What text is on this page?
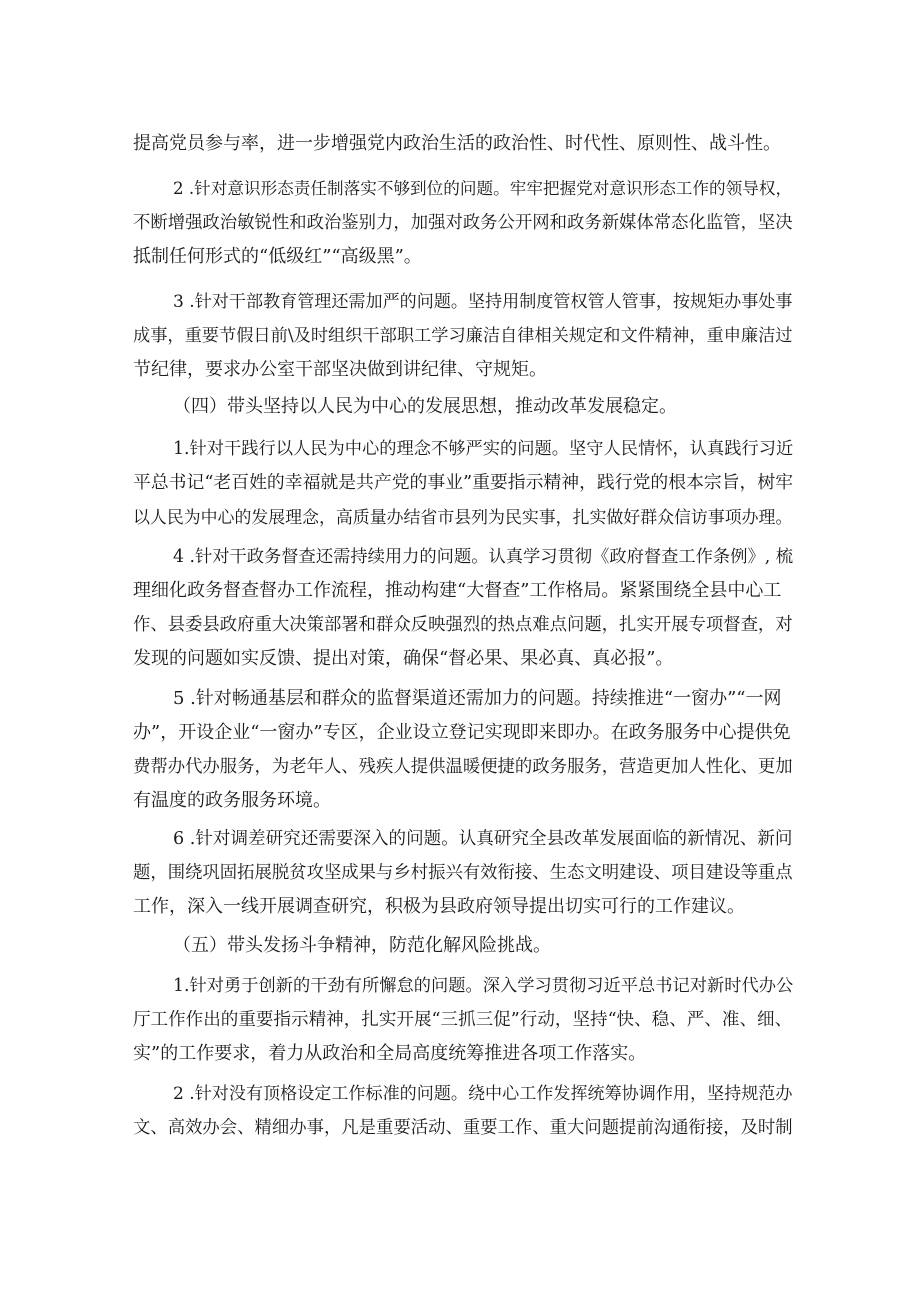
提高党员参与率，进一步增强党内政治生活的政治性、时代性、原则性、战斗性。
2 .针对意识形态责任制落实不够到位的问题。牢牢把握党对意识形态工作的领导权，
不断增强政治敏锐性和政治鉴别力，加强对政务公开网和政务新媒体常态化监管，坚决
抵制任何形式的“低级红”“高级黑”。
3 .针对干部教育管理还需加严的问题。坚持用制度管权管人管事，按规矩办事处事
成事，重要节假日前\及时组织干部职工学习廉洁自律相关规定和文件精神，重申廉洁过
节纪律，要求办公室干部坚决做到讲纪律、守规矩。
（四）带头坚持以人民为中心的发展思想，推动改革发展稳定。
1.针对干践行以人民为中心的理念不够严实的问题。坚守人民情怀，认真践行习近
平总书记“老百姓的幸福就是共产党的事业”重要指示精神，践行党的根本宗旨，树牢
以人民为中心的发展理念，高质量办结省市县列为民实事，扎实做好群众信访事项办理。
4 .针对干政务督查还需持续用力的问题。认真学习贯彻《政府督查工作条例》, 梳
理细化政务督查督办工作流程，推动构建“大督查”工作格局。紧紧围绕全县中心工
作、县委县政府重大决策部署和群众反映强烈的热点难点问题，扎实开展专项督查，对
发现的问题如实反馈、提出对策，确保“督必果、果必真、真必报”。
5 .针对畅通基层和群众的监督渠道还需加力的问题。持续推进“一窗办”“一网
办”，开设企业“一窗办”专区，企业设立登记实现即来即办。在政务服务中心提供免
费帮办代办服务，为老年人、残疾人提供温暖便捷的政务服务，营造更加人性化、更加
有温度的政务服务环境。
6 .针对调差研究还需要深入的问题。认真研究全县改革发展面临的新情况、新问
题，围绕巩固拓展脱贫攻坚成果与乡村振兴有效衔接、生态文明建设、项目建设等重点
工作，深入一线开展调查研究，积极为县政府领导提出切实可行的工作建议。
（五）带头发扬斗争精神，防范化解风险挑战。
1.针对勇于创新的干劲有所懈怠的问题。深入学习贯彻习近平总书记对新时代办公
厅工作作出的重要指示精神，扎实开展“三抓三促”行动，坚持“快、稳、严、准、细、
实”的工作要求，着力从政治和全局高度统筹推进各项工作落实。
2 .针对没有顶格设定工作标准的问题。绕中心工作发挥统筹协调作用，坚持规范办
文、高效办会、精细办事，凡是重要活动、重要工作、重大问题提前沟通衔接，及时制
